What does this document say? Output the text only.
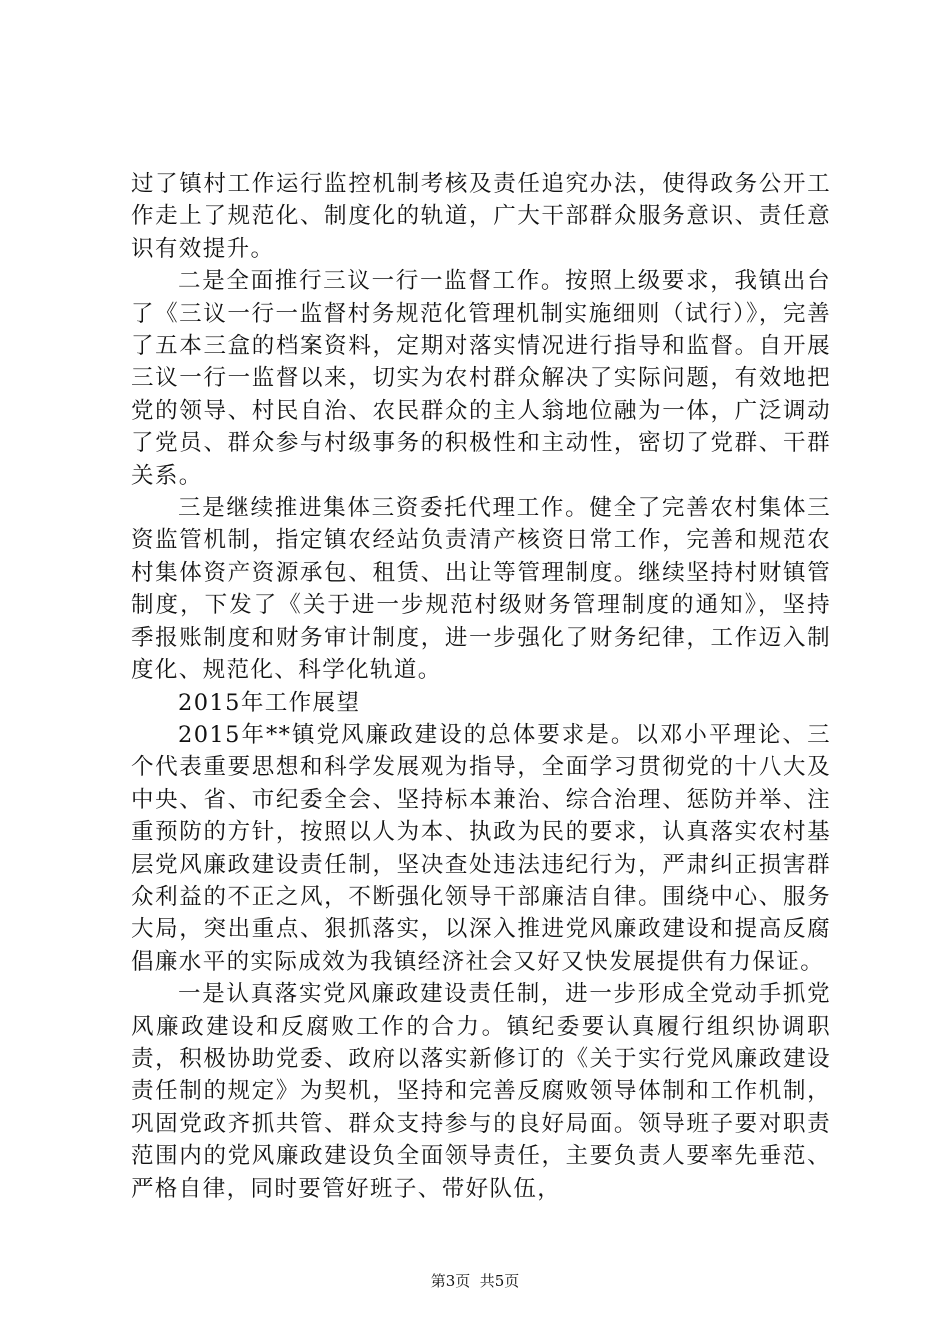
过了镇村工作运行监控机制考核及责任追究办法，使得政务公开工作走上了规范化、制度化的轨道，广大干部群众服务意识、责任意识有效提升。

二是全面推行三议一行一监督工作。按照上级要求，我镇出台了《三议一行一监督村务规范化管理机制实施细则（试行）》，完善了五本三盒的档案资料，定期对落实情况进行指导和监督。自开展三议一行一监督以来，切实为农村群众解决了实际问题，有效地把党的领导、村民自治、农民群众的主人翁地位融为一体，广泛调动了党员、群众参与村级事务的积极性和主动性，密切了党群、干群关系。

三是继续推进集体三资委托代理工作。健全了完善农村集体三资监管机制，指定镇农经站负责清产核资日常工作，完善和规范农村集体资产资源承包、租赁、出让等管理制度。继续坚持村财镇管制度，下发了《关于进一步规范村级财务管理制度的通知》，坚持季报账制度和财务审计制度，进一步强化了财务纪律，工作迈入制度化、规范化、科学化轨道。

2015年工作展望

2015年**镇党风廉政建设的总体要求是。以邓小平理论、三个代表重要思想和科学发展观为指导，全面学习贯彻党的十八大及中央、省、市纪委全会、坚持标本兼治、综合治理、惩防并举、注重预防的方针，按照以人为本、执政为民的要求，认真落实农村基层党风廉政建设责任制，坚决查处违法违纪行为，严肃纠正损害群众利益的不正之风，不断强化领导干部廉洁自律。围绕中心、服务大局，突出重点、狠抓落实，以深入推进党风廉政建设和提高反腐倡廉水平的实际成效为我镇经济社会又好又快发展提供有力保证。

一是认真落实党风廉政建设责任制，进一步形成全党动手抓党风廉政建设和反腐败工作的合力。镇纪委要认真履行组织协调职责，积极协助党委、政府以落实新修订的《关于实行党风廉政建设责任制的规定》为契机，坚持和完善反腐败领导体制和工作机制，巩固党政齐抓共管、群众支持参与的良好局面。领导班子要对职责范围内的党风廉政建设负全面领导责任，主要负责人要率先垂范、严格自律，同时要管好班子、带好队伍，

第3页  共5页
